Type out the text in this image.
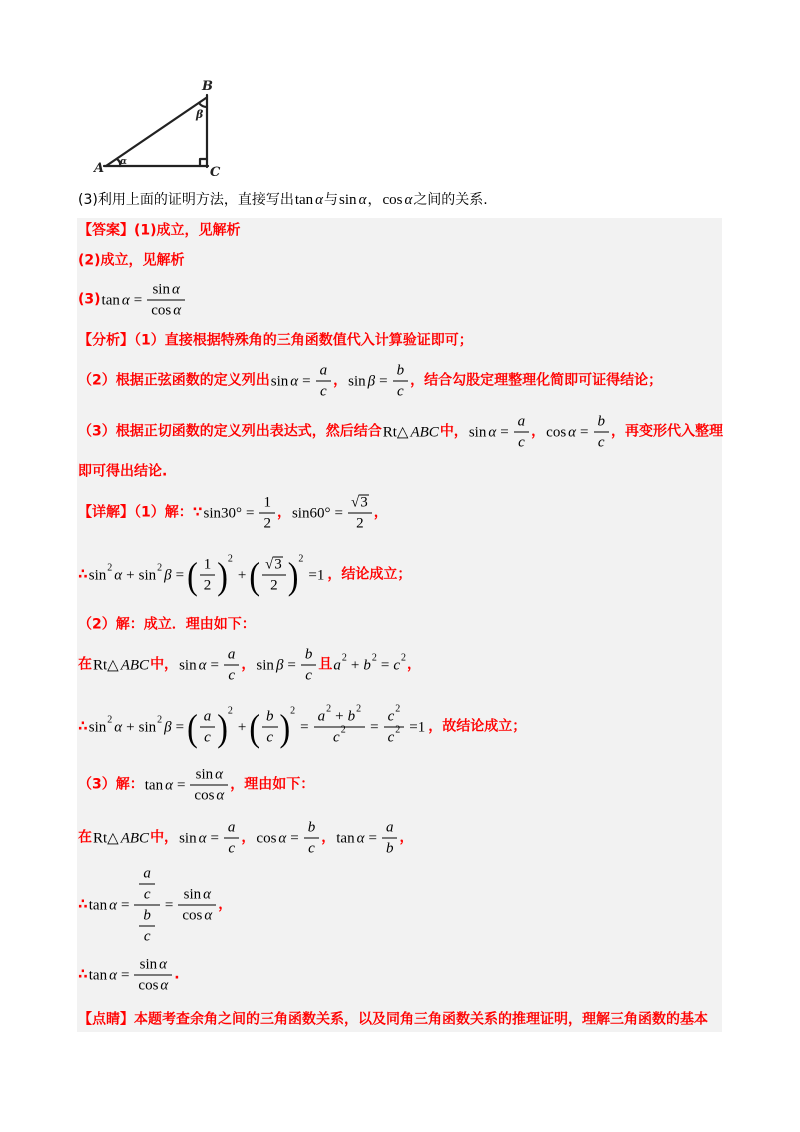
B
β
A α
C
(3)利用上面的证明方法，直接写出 tan α 与 sin α ， cos α 之间的关系.
【答案】(1)成立，见解析
(2)成立，见解析
(3) $\tan \alpha = \frac{\text{sin α}}{\text{cos α}}$
【分析】（1）直接根据特殊角的三角函数值代入计算验证即可；
（2）根据正弦函数的定义列出 $\sin \alpha = \frac{a}{c}$ ， $\sin \beta = \frac{b}{c}$ ，结合勾股定理整理化简即可证得结论；
（3）根据正切函数的定义列出表达式，然后结合 Rt△ ABC 中， $\sin \alpha = \frac{a}{c}$ ， $\cos \alpha = \frac{b}{c}$ ，再变形代入整理
即可得出结论.
【详解】（1）解：∵ $\sin 30^\circ = \frac{1}{2}$ ， $\sin 60^\circ = \frac{√ 3}{2}$ ，
∴ sin 2 α + sin 2 β = ( $\frac{1}{2}$ ) 2
+ ( $\frac{√ 3}{2}$ ) 2
=1 ，结论成立；
（2）解：成立．理由如下：
在 Rt△ ABC 中， $\sin \alpha = \frac{a}{c}$ ， $\sin \beta = \frac{b}{c}$ 且 a 2 + b 2 = c 2 ，
∴ sin 2 α + sin 2 β = ( $\frac{a}{c}$ ) 2
+ ( $\frac{b}{c}$ ) 2
= $\frac{a 2 + b 2}{c 2} = \frac{c 2}{c 2} =1$ ，故结论成立；
（3）解： $\tan \alpha = \frac{\text{sin α}}{\text{cos α}}$ ，理由如下：
在 Rt△ ABC 中， $\sin \alpha = \frac{a}{c}$ ， $\cos \alpha = \frac{b}{c}$ ， $\tan \alpha = \frac{a}{b}$ ，
∴ $\tan \alpha = \frac{\frac{a}{c}}{\frac{b}{c}} = \frac{\text{sin α}}{\text{cos α}}$ ，
∴ $\tan \alpha = \frac{\text{sin α}}{\text{cos α}}$ .
【点睛】本题考查余角之间的三角函数关系，以及同角三角函数关系的推理证明，理解三角函数的基本
